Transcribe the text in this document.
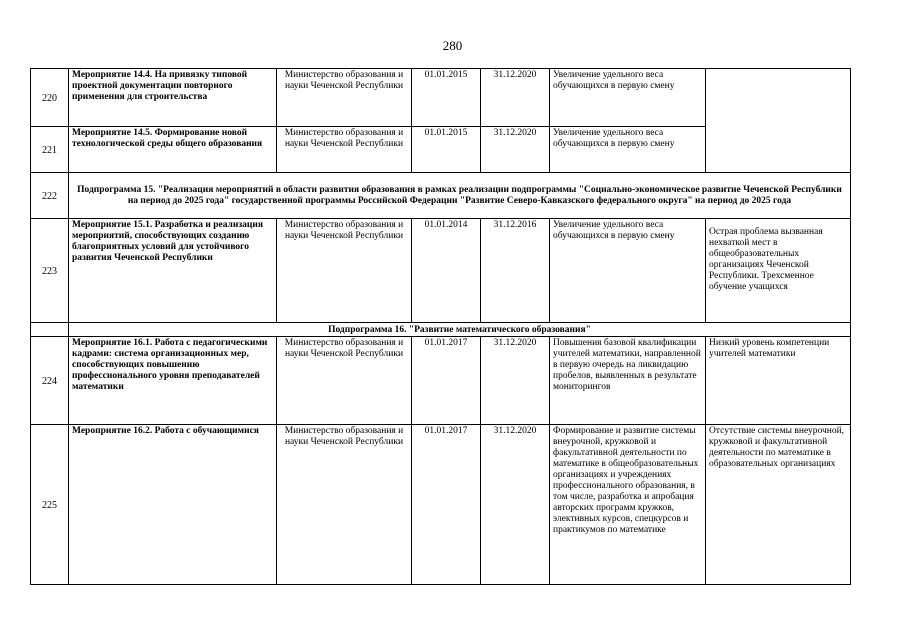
280
220	Мероприятие 14.4. На привязку типовой проектной документации повторного применения для строительства	Министерство образования и науки Чеченской Республики	01.01.2015	31.12.2020	Увеличение удельного веса обучающихся в первую смену	
221	Мероприятие 14.5. Формирование новой технологической среды общего образования	Министерство образования и науки Чеченской Республики	01.01.2015	31.12.2020	Увеличение удельного веса обучающихся в первую смену	
222	Подпрограмма 15. "Реализация мероприятий в области развития образования в рамках реализации подпрограммы "Социально-экономическое развитие Чеченской Республики на период до 2025 года" государственной программы Российской Федерации "Развитие Северо-Кавказского федерального округа" на период до 2025 года					
223	Мероприятие 15.1. Разработка и реализация мероприятий, способствующих созданию благоприятных условий для устойчивого развития Чеченской Республики	Министерство образования и науки Чеченской Республики	01.01.2014	31.12.2016	Увеличение удельного веса обучающихся в первую смену	Острая проблема вызванная нехваткой мест в общеобразовательных организациях Чеченской Республики. Трехсменное обучение учащихся
	Подпрограмма 16. "Развитие математического образования"					
224	Мероприятие 16.1. Работа с педагогическими кадрами: система организационных мер, способствующих повышению профессионального уровня преподавателей математики	Министерство образования и науки Чеченской Республики	01.01.2017	31.12.2020	Повышения базовой квалификации учителей математики, направленной в первую очередь на ликвидацию пробелов, выявленных в результате мониторингов	Низкий уровень компетенции учителей математики
225	Мероприятие 16.2. Работа с обучающимися	Министерство образования и науки Чеченской Республики	01.01.2017	31.12.2020	Формирование и развитие системы внеурочной, кружковой и факультативной деятельности по математике в общеобразовательных организациях и учреждениях профессионального образования, в том числе, разработка и апробация авторских программ кружков, элективных курсов, спецкурсов и практикумов по математике	Отсутствие системы внеурочной, кружковой и факультативной деятельности по математике в образовательных организациях
